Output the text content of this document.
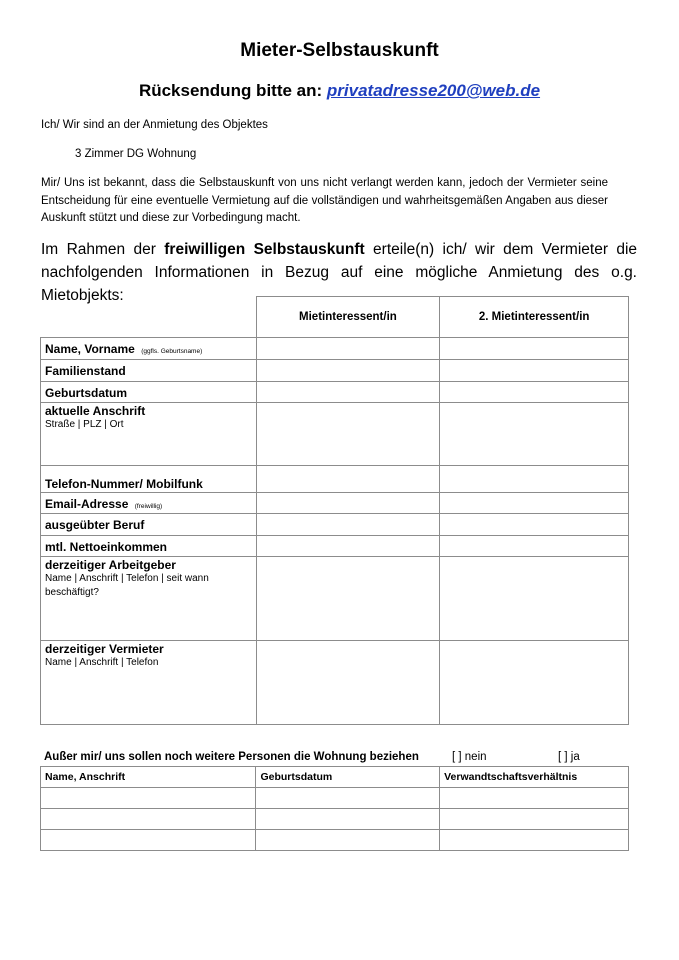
Mieter-Selbstauskunft
Rücksendung bitte an: privatadresse200@web.de
Ich/ Wir sind an der Anmietung des Objektes
3 Zimmer DG Wohnung
Mir/ Uns ist bekannt, dass die Selbstauskunft von uns nicht verlangt werden kann, jedoch der Vermieter seine Entscheidung für eine eventuelle Vermietung auf die vollständigen und wahrheitsgemäßen Angaben aus dieser Auskunft stützt und diese zur Vorbedingung macht.
Im Rahmen der freiwilligen Selbstauskunft erteile(n) ich/ wir dem Vermieter die nachfolgenden Informationen in Bezug auf eine mögliche Anmietung des o.g. Mietobjekts:
	Mietinteressent/in	2. Mietinteressent/in

Name, Vorname (ggfls. Geburtsname)		

Familienstand		

Geburtsdatum		

aktuelle Anschrift
Straße | PLZ | Ort		

Telefon-Nummer/ Mobilfunk		

Email-Adresse (freiwillig)		

ausgeübter Beruf		

mtl. Nettoeinkommen		

derzeitiger Arbeitgeber
Name | Anschrift | Telefon | seit wann beschäftigt?		

derzeitiger Vermieter
Name | Anschrift | Telefon		

Außer mir/ uns sollen noch weitere Personen die Wohnung beziehen	[ ] nein	[ ] ja
Name, Anschrift	Geburtsdatum	Verwandtschaftsverhältnis
